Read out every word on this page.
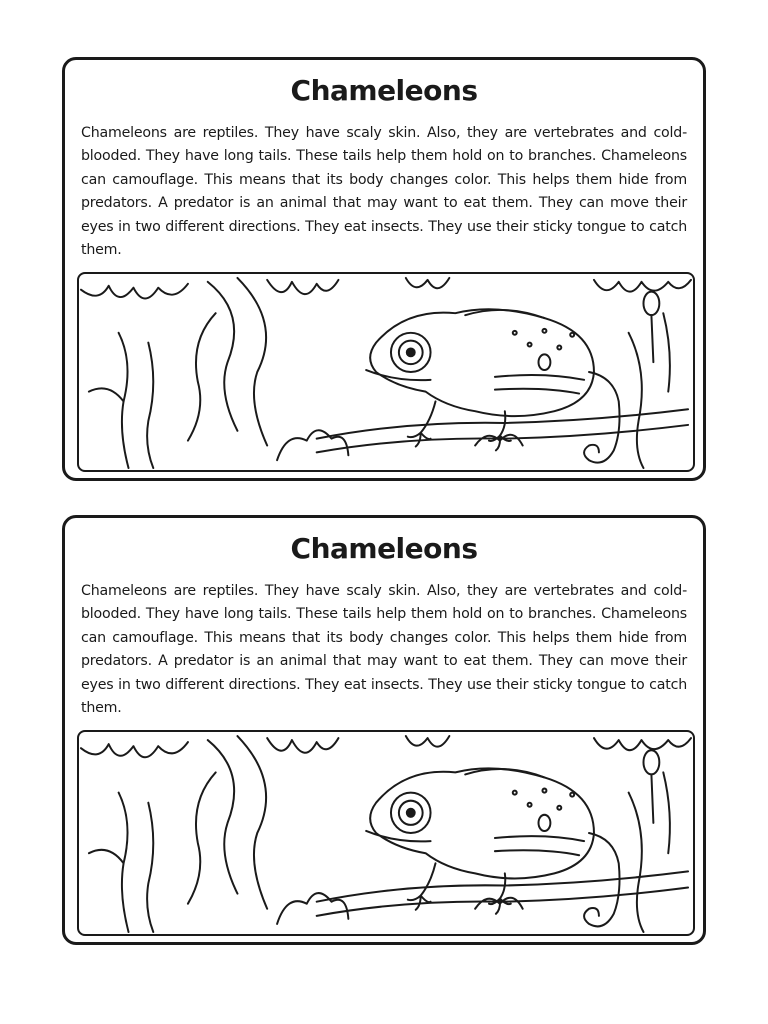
Chameleons

Chameleons are reptiles. They have scaly skin. Also, they are vertebrates and cold-blooded. They have long tails. These tails help them hold on to branches. Chameleons can camouflage. This means that its body changes color. This helps them hide from predators. A predator is an animal that may want to eat them. They can move their eyes in two different directions. They eat insects. They use their sticky tongue to catch them.

Chameleons

Chameleons are reptiles. They have scaly skin. Also, they are vertebrates and cold-blooded. They have long tails. These tails help them hold on to branches. Chameleons can camouflage. This means that its body changes color. This helps them hide from predators. A predator is an animal that may want to eat them. They can move their eyes in two different directions. They eat insects. They use their sticky tongue to catch them.
